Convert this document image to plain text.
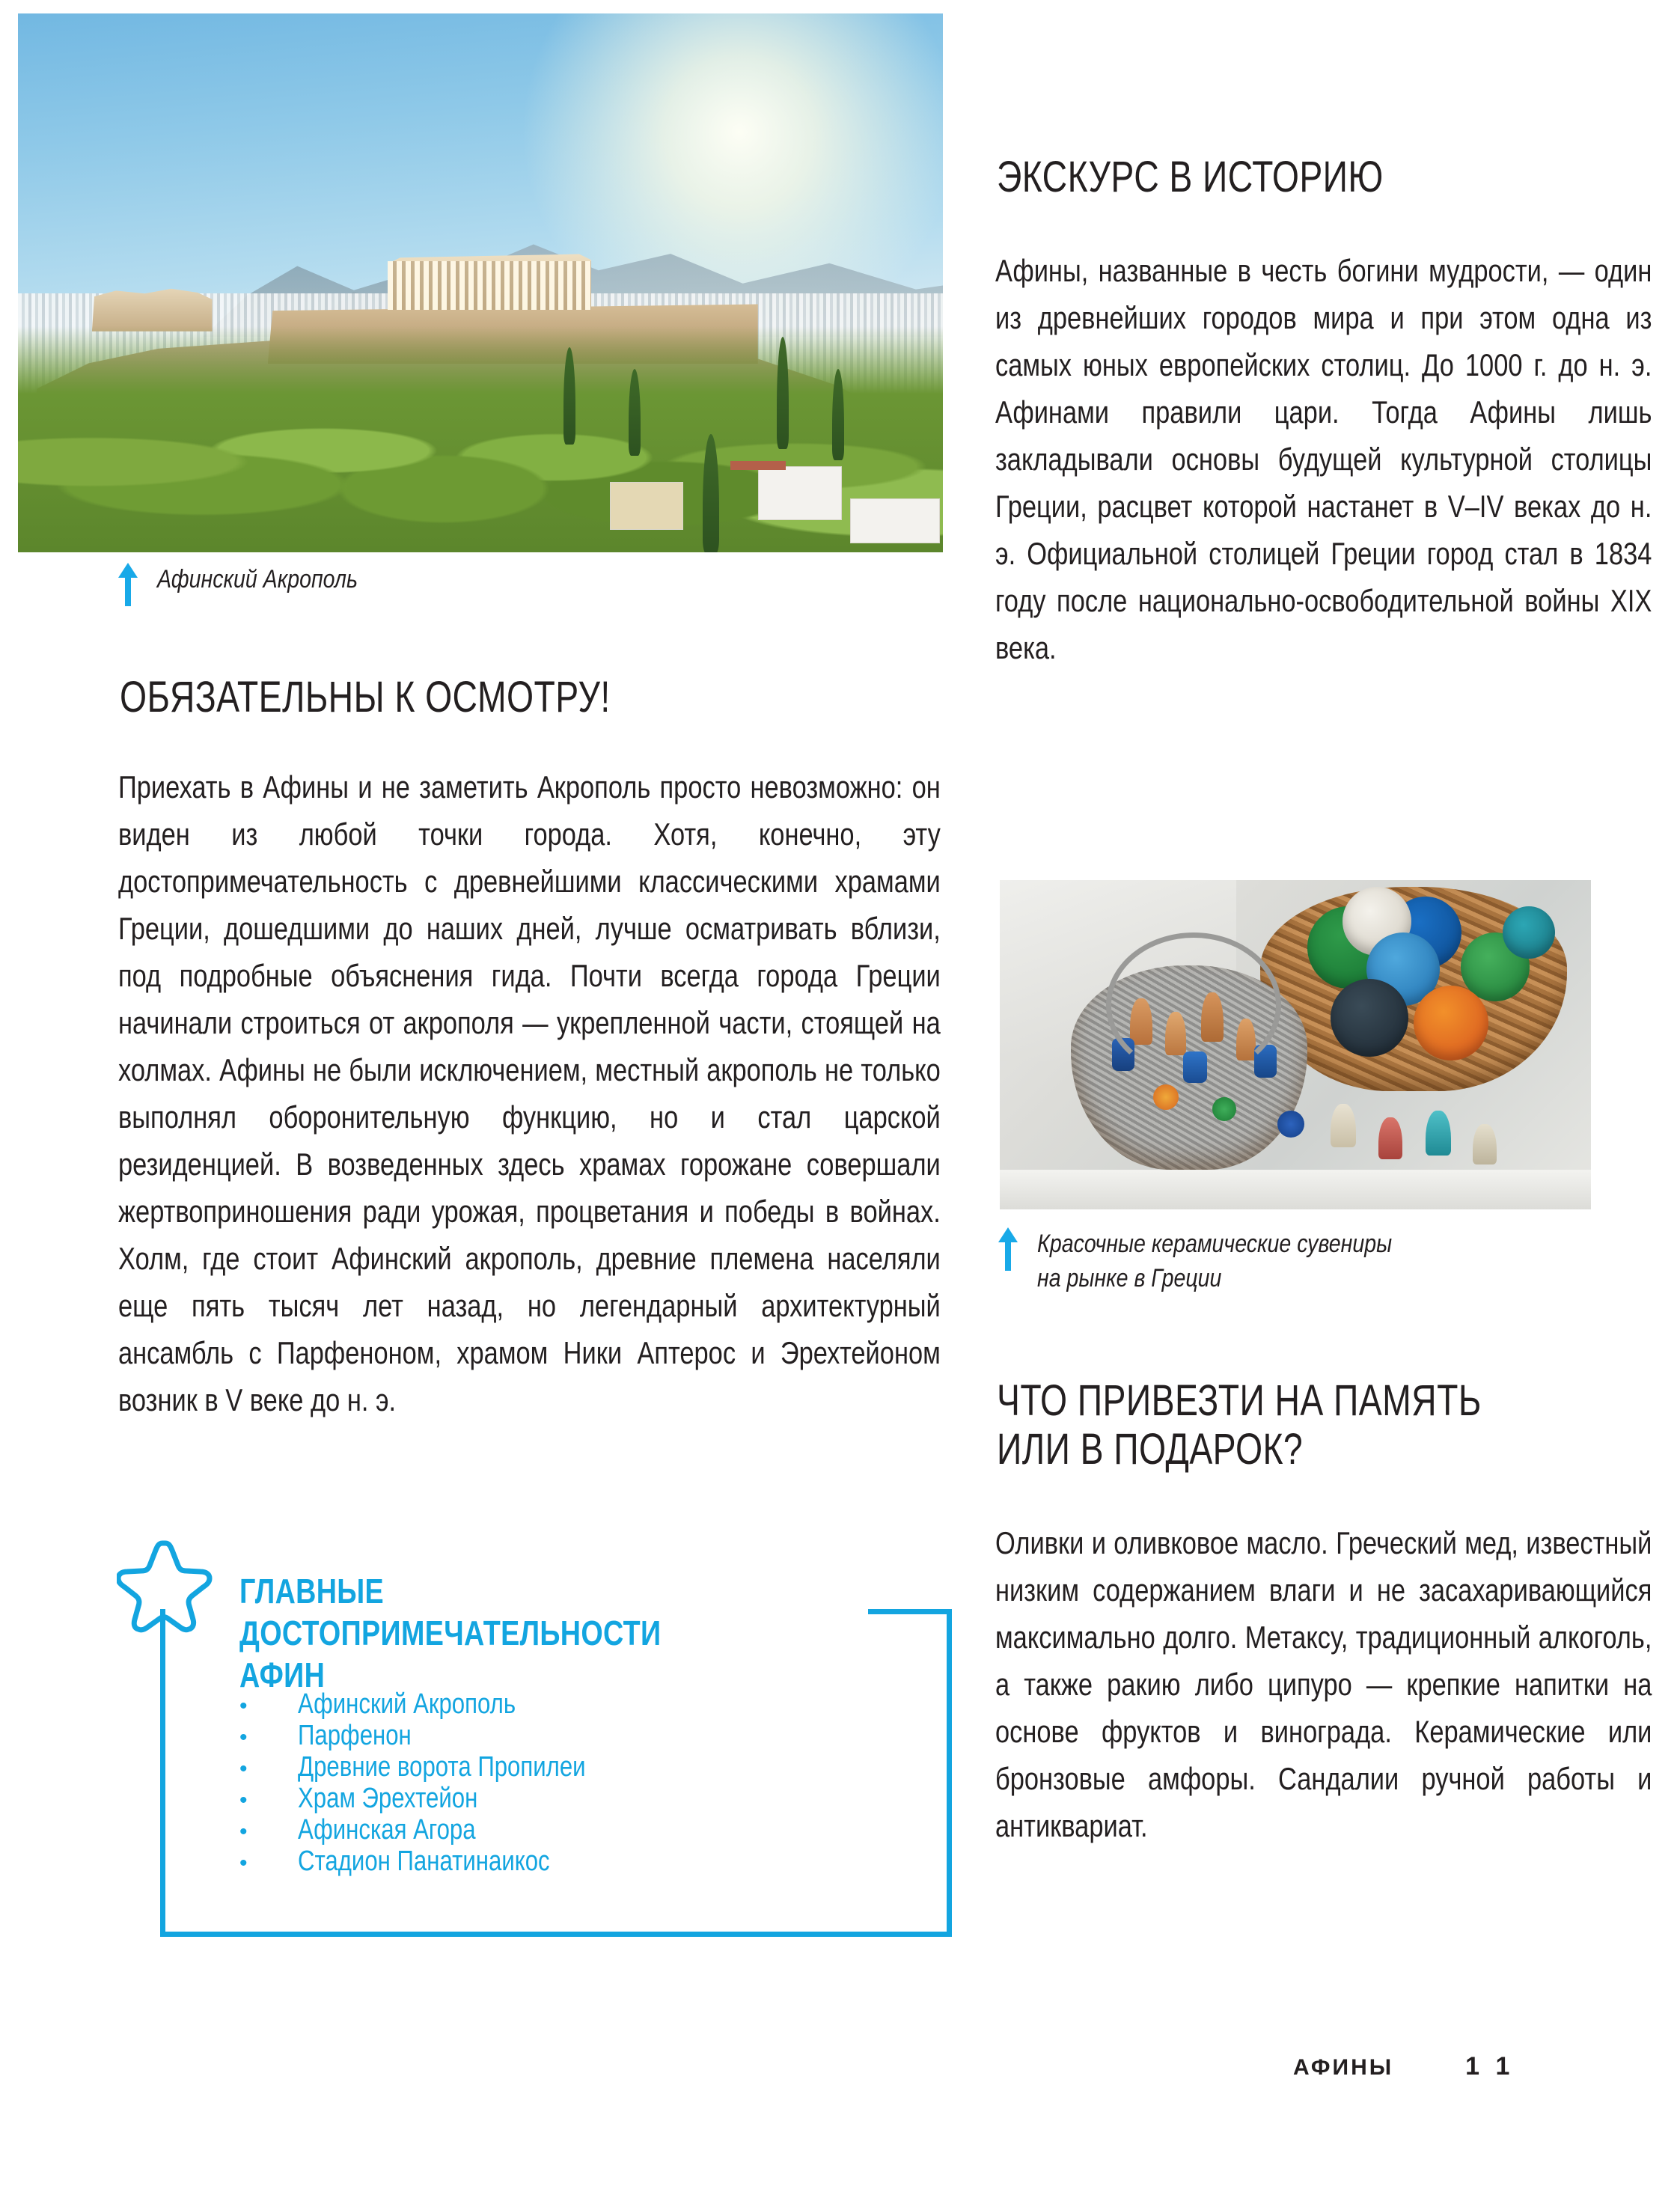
Афинский Акрополь
ОБЯЗАТЕЛЬНЫ К ОСМОТРУ!
Приехать в Афины и не заметить Акрополь просто невозможно: он виден из любой точки города. Хотя, конечно, эту достопримечательность с древнейшими классическими храмами Греции, дошедшими до наших дней, лучше осматривать вблизи, под подробные объяснения гида. Почти всегда города Греции начинали строиться от акрополя — укрепленной части, стоящей на холмах. Афины не были исключением, местный акрополь не только выполнял оборонительную функцию, но и стал царской резиденцией. В возведенных здесь храмах горожане совершали жертвоприношения ради урожая, процветания и победы в войнах. Холм, где стоит Афинский акрополь, древние племена населяли еще пять тысяч лет назад, но легендарный архитектурный ансамбль с Парфеноном, храмом Ники Аптерос и Эрехтейоном возник в V веке до н. э.
ГЛАВНЫЕ ДОСТОПРИМЕЧАТЕЛЬНОСТИ
АФИН
•	Афинский Акрополь
•	Парфенон
•	Древние ворота Пропилеи
•	Храм Эрехтейон
•	Афинская Агора
•	Стадион Панатинаикос
ЭКСКУРС В ИСТОРИЮ
Афины, названные в честь богини мудрости, — один из древнейших городов мира и при этом одна из самых юных европейских столиц. До 1000 г. до н. э. Афинами правили цари. Тогда Афины лишь закладывали основы будущей культурной столицы Греции, расцвет которой настанет в V–IV веках до н. э. Официальной столицей Греции город стал в 1834 году после национально-освободительной войны XIX века.
Красочные керамические сувениры
на рынке в Греции
ЧТО ПРИВЕЗТИ НА ПАМЯТЬ
ИЛИ В ПОДАРОК?
Оливки и оливковое масло. Греческий мед, известный низким содержанием влаги и не засахаривающийся максимально долго. Метаксу, традиционный алкоголь, а также ракию либо ципуро — крепкие напитки на основе фруктов и винограда. Керамические или бронзовые амфоры. Сандалии ручной работы и антиквариат.
АФИНЫ	1 1
